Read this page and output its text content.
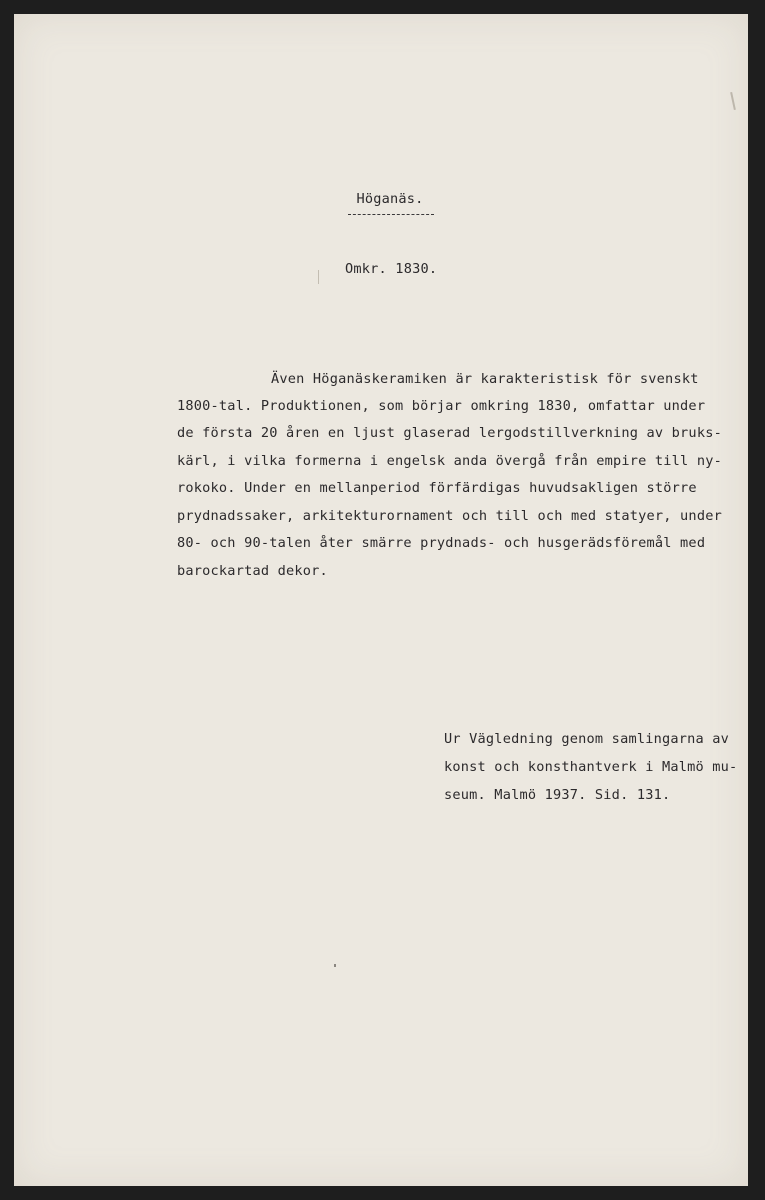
Höganäs.
Omkr. 1830.
Även Höganäskeramiken är karakteristisk för svenskt
1800-tal. Produktionen, som börjar omkring 1830, omfattar under
de första 20 åren en ljust glaserad lergodstillverkning av bruks-
kärl, i vilka formerna i engelsk anda övergå från empire till ny-
rokoko. Under en mellanperiod förfärdigas huvudsakligen större
prydnadssaker, arkitekturornament och till och med statyer, under
80- och 90-talen åter smärre prydnads- och husgerädsföremål med
barockartad dekor.
Ur Vägledning genom samlingarna av
konst och konsthantverk i Malmö mu-
seum. Malmö 1937. Sid. 131.
